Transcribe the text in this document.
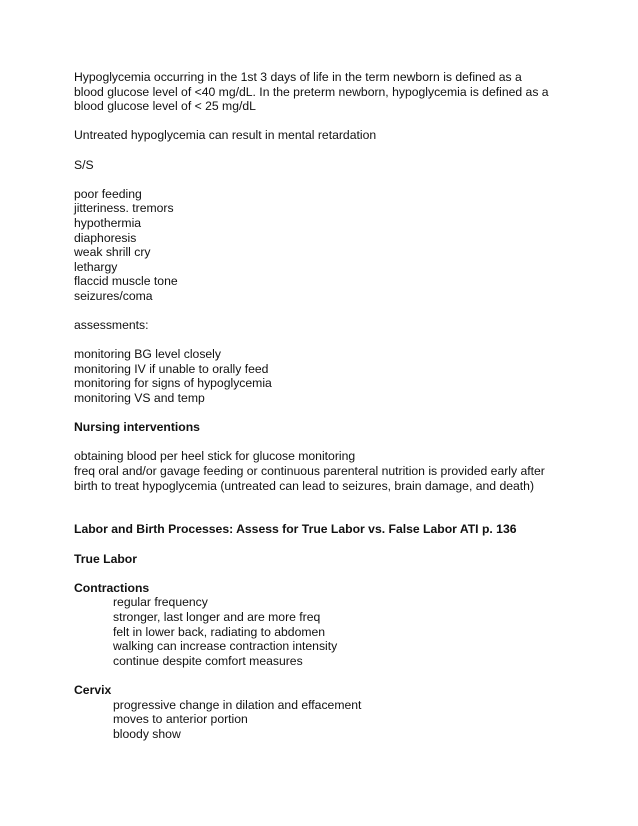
Hypoglycemia occurring in the 1st 3 days of life in the term newborn is defined as a
blood glucose level of <40 mg/dL. In the preterm newborn, hypoglycemia is defined as a
blood glucose level of < 25 mg/dL
Untreated hypoglycemia can result in mental retardation
S/S
poor feeding
jitteriness. tremors
hypothermia
diaphoresis
weak shrill cry
lethargy
flaccid muscle tone
seizures/coma
assessments:
monitoring BG level closely
monitoring IV if unable to orally feed
monitoring for signs of hypoglycemia
monitoring VS and temp
Nursing interventions
obtaining blood per heel stick for glucose monitoring
freq oral and/or gavage feeding or continuous parenteral nutrition is provided early after
birth to treat hypoglycemia (untreated can lead to seizures, brain damage, and death)
Labor and Birth Processes: Assess for True Labor vs. False Labor ATI p. 136
True Labor
Contractions
regular frequency
stronger, last longer and are more freq
felt in lower back, radiating to abdomen
walking can increase contraction intensity
continue despite comfort measures
Cervix
progressive change in dilation and effacement
moves to anterior portion
bloody show
